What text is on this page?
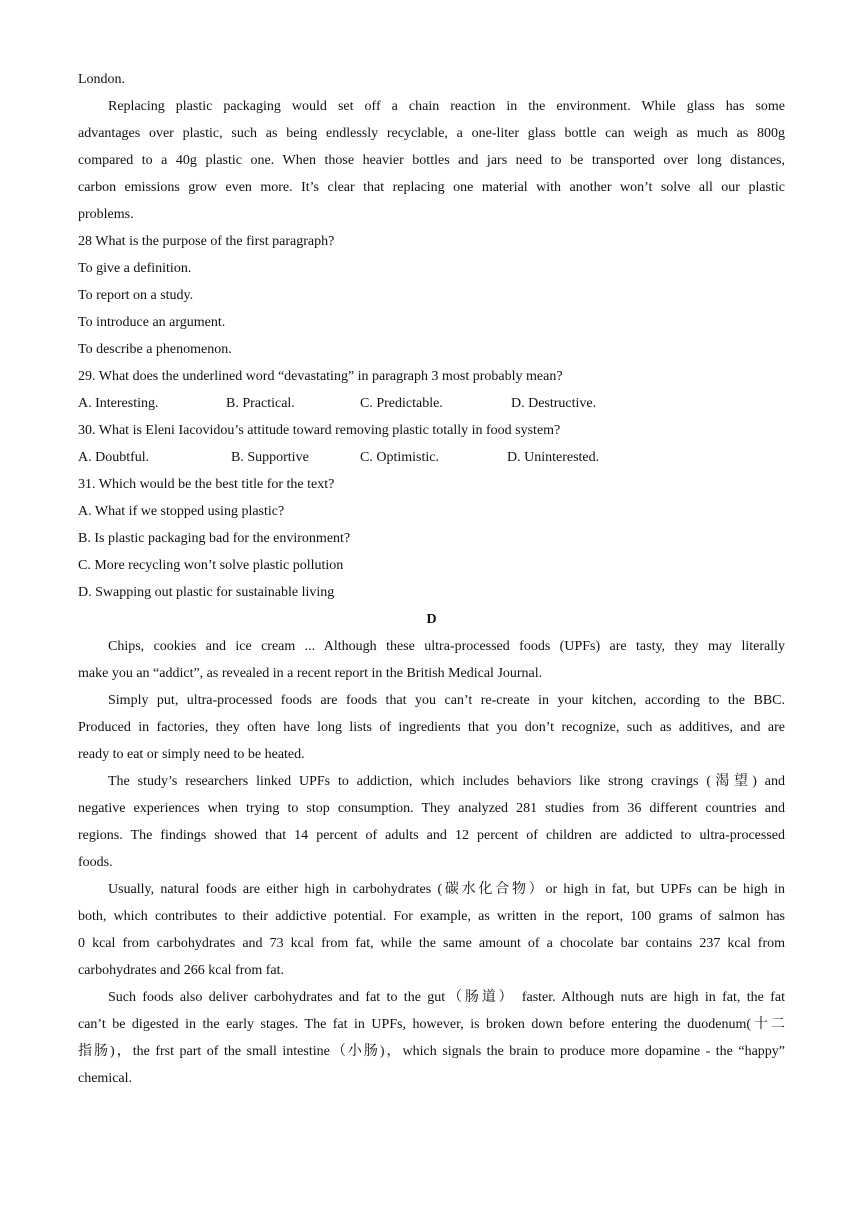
London.
Replacing plastic packaging would set off a chain reaction in the environment. While glass has some
advantages over plastic, such as being endlessly recyclable, a one-liter glass bottle can weigh as much as 800g
compared to a 40g plastic one. When those heavier bottles and jars need to be transported over long distances,
carbon emissions grow even more. It’s clear that replacing one material with another won’t solve all our plastic
problems.
28 What is the purpose of the first paragraph?
To give a definition.
To report on a study.
To introduce an argument.
To describe a phenomenon.
29. What does the underlined word “devastating” in paragraph 3 most probably mean?
A. Interesting.	B. Practical.	C. Predictable.	D. Destructive.
30. What is Eleni Iacovidou’s attitude toward removing plastic totally in food system?
A. Doubtful.	B. Supportive	C. Optimistic.	D. Uninterested.
31. Which would be the best title for the text?
A. What if we stopped using plastic?
B. Is plastic packaging bad for the environment?
C. More recycling won’t solve plastic pollution
D. Swapping out plastic for sustainable living
D
Chips, cookies and ice cream ... Although these ultra-processed foods (UPFs) are tasty, they may literally
make you an “addict”, as revealed in a recent report in the British Medical Journal.
Simply put, ultra-processed foods are foods that you can’t re-create in your kitchen, according to the BBC.
Produced in factories, they often have long lists of ingredients that you don’t recognize, such as additives, and are
ready to eat or simply need to be heated.
The study’s researchers linked UPFs to addiction, which includes behaviors like strong cravings (渴望) and
negative experiences when trying to stop consumption. They analyzed 281 studies from 36 different countries and
regions. The findings showed that 14 percent of adults and 12 percent of children are addicted to ultra-processed
foods.
Usually, natural foods are either high in carbohydrates (碳水化合物）or high in fat, but UPFs can be high in
both, which contributes to their addictive potential. For example, as written in the report, 100 grams of salmon has
0 kcal from carbohydrates and 73 kcal from fat, while the same amount of a chocolate bar contains 237 kcal from
carbohydrates and 266 kcal from fat.
Such foods also deliver carbohydrates and fat to the gut（肠道） faster. Although nuts are high in fat, the fat
can’t be digested in the early stages. The fat in UPFs, however, is broken down before entering the duodenum(十二
指肠)，the frst part of the small intestine（小肠)，which signals the brain to produce more dopamine - the “happy”
chemical.
